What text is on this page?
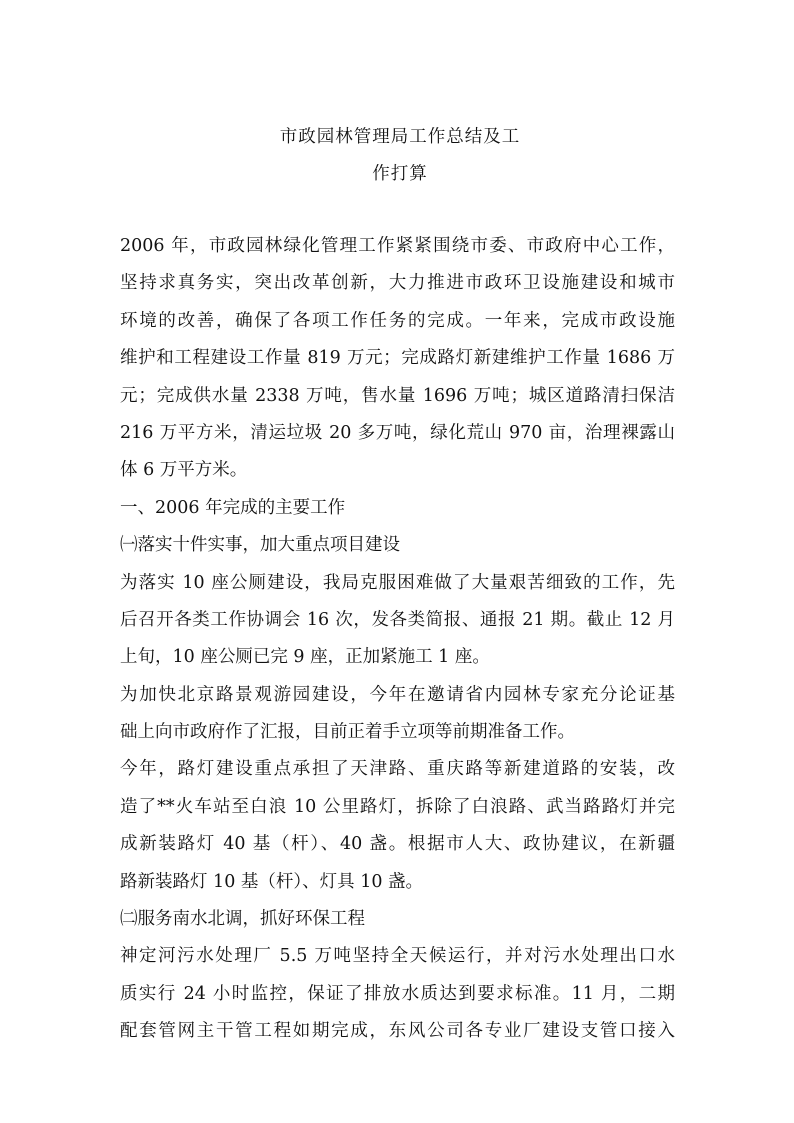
市政园林管理局工作总结及工
作打算
2006 年，市政园林绿化管理工作紧紧围绕市委、市政府中心工作，
坚持求真务实，突出改革创新，大力推进市政环卫设施建设和城市
环境的改善，确保了各项工作任务的完成。一年来，完成市政设施
维护和工程建设工作量 819 万元；完成路灯新建维护工作量 1686 万
元；完成供水量 2338 万吨，售水量 1696 万吨；城区道路清扫保洁
216 万平方米，清运垃圾 20 多万吨，绿化荒山 970 亩，治理裸露山
体 6 万平方米。
一、2006 年完成的主要工作
㈠落实十件实事，加大重点项目建设
为落实 10 座公厕建设，我局克服困难做了大量艰苦细致的工作，先
后召开各类工作协调会 16 次，发各类简报、通报 21 期。截止 12 月
上旬，10 座公厕已完 9 座，正加紧施工 1 座。
为加快北京路景观游园建设，今年在邀请省内园林专家充分论证基
础上向市政府作了汇报，目前正着手立项等前期准备工作。
今年，路灯建设重点承担了天津路、重庆路等新建道路的安装，改
造了**火车站至白浪 10 公里路灯，拆除了白浪路、武当路路灯并完
成新装路灯 40 基（杆）、40 盏。根据市人大、政协建议，在新疆
路新装路灯 10 基（杆）、灯具 10 盏。
㈡服务南水北调，抓好环保工程
神定河污水处理厂 5.5 万吨坚持全天候运行，并对污水处理出口水
质实行 24 小时监控，保证了排放水质达到要求标准。11 月，二期
配套管网主干管工程如期完成，东风公司各专业厂建设支管口接入
